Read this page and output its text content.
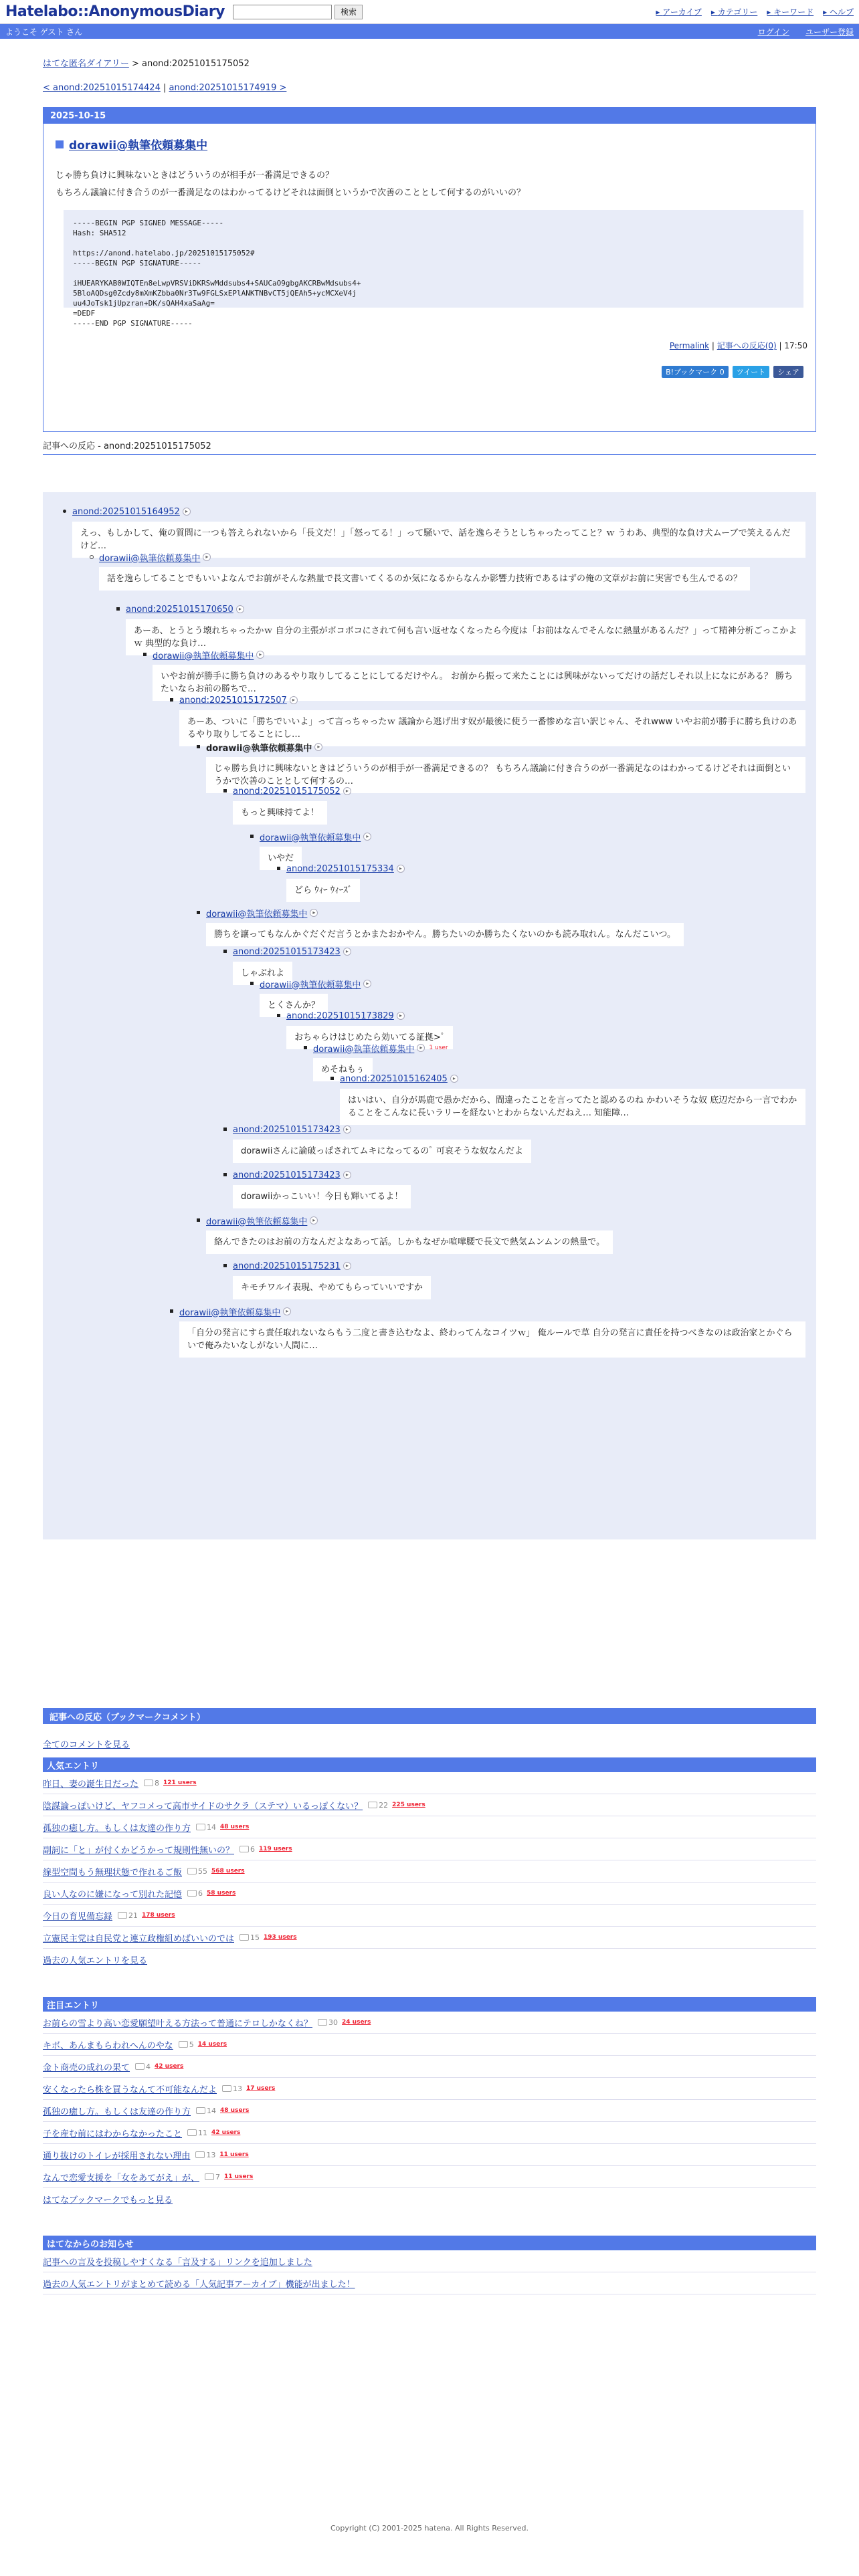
Hatelabo::AnonymousDiary	検索	▸ アーカイブ	▸ カテゴリー	▸ キーワード	▸ ヘルプ
ようこそ ゲスト さん	ログイン ユーザー登録
はてな匿名ダイアリー > anond:20251015175052
< anond:20251015174424 | anond:20251015174919 >
2025-10-15
dorawii@執筆依頼募集中
じゃ勝ち負けに興味ないときはどういうのが相手が一番満足できるの？
もちろん議論に付き合うのが一番満足なのはわかってるけどそれは面倒というかで次善のこととして何するのがいいの？
-----BEGIN PGP SIGNED MESSAGE-----
Hash: SHA512

https://anond.hatelabo.jp/20251015175052#
-----BEGIN PGP SIGNATURE-----

iHUEARYKAB0WIQTEn8eLwpVRSViDKRSwMddsubs4+SAUCaO9gbgAKCRBwMdsubs4+
5BloAQDsg0Zcdy8mXmKZbba0Nr3Tw9FGLSxEPlANKTNBvCT5jQEAh5+ycMCXeV4j
uu4JoTsk1jUpzran+DK/sQAH4xaSaAg=
=DEDF
-----END PGP SIGNATURE-----
Permalink | 記事への反応(0) | 17:50
B!ブックマーク 0	ツイート	シェア
記事への反応 - anond:20251015175052
anond:20251015164952 ▸
えっ、もしかして、俺の質問に一つも答えられないから「長文だ！」「怒ってる！」って騒いで、話を逸らそうとしちゃったってこと？ｗ うわあ、典型的な負け犬ムーブで笑えるんだけど…
dorawii@執筆依頼募集中 ▸
話を逸らしてることでもいいよなんでお前がそんな熱量で長文書いてくるのか気になるからなんか影響力技術であるはずの俺の文章がお前に実害でも生んでるの？
anond:20251015170650 ▸
あーあ、とうとう壊れちゃったかｗ 自分の主張がボコボコにされて何も言い返せなくなったら今度は「お前はなんでそんなに熱量があるんだ？」って精神分析ごっこかよｗ 典型的な負け…
dorawii@執筆依頼募集中 ▸
いやお前が勝手に勝ち負けのあるやり取りしてることにしてるだけやん。 お前から振って来たことには興味がないってだけの話だしそれ以上になにがある？ 勝ちたいならお前の勝ちで…
anond:20251015172507 ▸
あーあ、ついに「勝ちでいいよ」って言っちゃったｗ 議論から逃げ出す奴が最後に使う一番惨めな言い訳じゃん、それwww いやお前が勝手に勝ち負けのあるやり取りしてることにし…
dorawii@執筆依頼募集中 ▸
じゃ勝ち負けに興味ないときはどういうのが相手が一番満足できるの？ もちろん議論に付き合うのが一番満足なのはわかってるけどそれは面倒というかで次善のこととして何するの…
anond:20251015175052 ▸
もっと興味持てよ！
dorawii@執筆依頼募集中 ▸
いやだ
anond:20251015175334 ▸
どら ｳｨｰ ｳｨｰｽﾞ
dorawii@執筆依頼募集中 ▸
勝ちを譲ってもなんかぐだぐだ言うとかまたおかやん。勝ちたいのか勝ちたくないのかも読み取れん。なんだこいつ。
anond:20251015173423 ▸
しゃぶれよ
dorawii@執筆依頼募集中 ▸
とくさんか？
anond:20251015173829 ▸
おちゃらけはじめたら効いてる証拠>ﾟ
dorawii@執筆依頼募集中 ▸	1 user
めそねもぅ
anond:20251015162405 ▸
はいはい、自分が馬鹿で愚かだから、間違ったことを言ってたと認めるのね かわいそうな奴 底辺だから一言でわかることをこんなに長いラリーを経ないとわからないんだねえ… 知能障…
anond:20251015173423 ▸
dorawiiさんに論破っぱされてムキになってるのﾟ 可哀そうな奴なんだよ
anond:20251015173423 ▸
dorawiiかっこいい！今日も輝いてるよ！
dorawii@執筆依頼募集中 ▸
絡んできたのはお前の方なんだよなあって話。しかもなぜか喧嘩腰で長文で熱気ムンムンの熱量で。
anond:20251015175231 ▸
キモチワルイ表現、やめてもらっていいですか
dorawii@執筆依頼募集中 ▸
「自分の発言にすら責任取れないならもう二度と書き込むなよ、終わってんなコイツｗ」 俺ルールで草 自分の発言に責任を持つべきなのは政治家とかぐらいで俺みたいなしがない人間に…
記事への反応（ブックマークコメント）
全てのコメントを見る
人気エントリ
昨日、妻の誕生日だった 8 121 users
陰謀論っぽいけど、ヤフコメって高市サイドのサクラ（ステマ）いるっぽくない？ 22 225 users
孤独の癒し方。もしくは友達の作り方 14 48 users
副詞に「と」が付くかどうかって規則性無いの？ 6 119 users
線型空間もう無理状態で作れるご飯 55 568 users
良い人なのに嫌になって別れた記憶 6 58 users
今日の育児備忘録 21 178 users
立憲民主党は自民党と連立政権組めばいいのでは 15 193 users
過去の人気エントリを見る
注目エントリ
お前らの雪より高い恋愛願望叶える方法って普通にテロしかなくね？ 30 24 users
キボ、あんまもらわれへんのやな 5 14 users
金ト商売の成れの果て 4 42 users
安くなったら株を買うなんて不可能なんだよ 13 17 users
孤独の癒し方。もしくは友達の作り方 14 48 users
子を産む前にはわからなかったこと 11 42 users
通り抜けのトイレが採用されない理由 13 11 users
なんで恋愛支援を「女をあてがえ」が、 7 11 users
はてなブックマークでもっと見る
はてなからのお知らせ
記事への言及を投稿しやすくなる「言及する」リンクを追加しました
過去の人気エントリがまとめて読める「人気記事アーカイブ」機能が出ました！
Copyright (C) 2001-2025 hatena. All Rights Reserved.
